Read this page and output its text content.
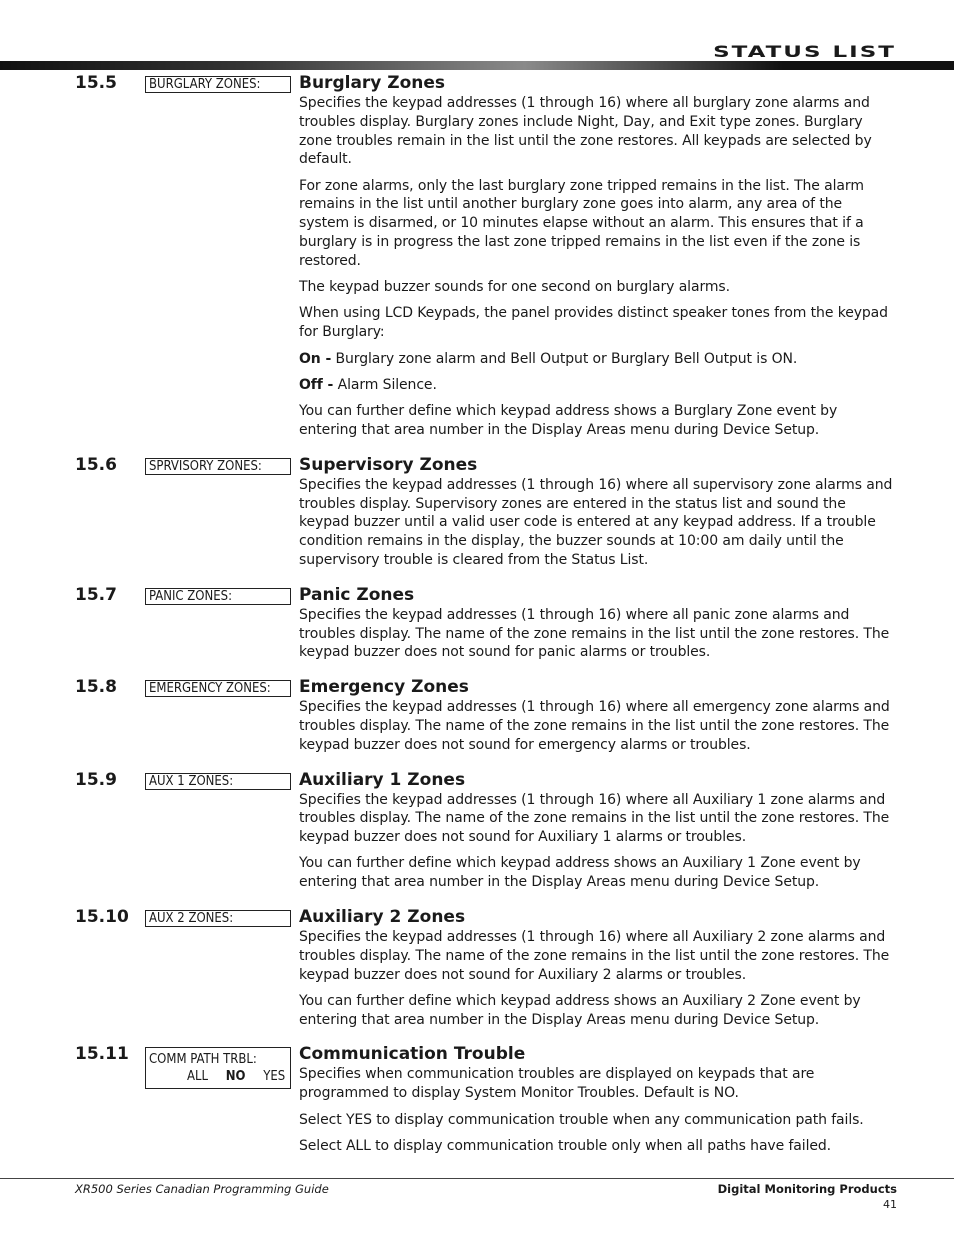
STATUS LIST
15.5	BURGLARY ZONES:	Burglary Zones

Specifies the keypad addresses (1 through 16) where all burglary zone alarms and troubles display. Burglary zones include Night, Day, and Exit type zones. Burglary zone troubles remain in the list until the zone restores. All keypads are selected by default.

For zone alarms, only the last burglary zone tripped remains in the list. The alarm remains in the list until another burglary zone goes into alarm, any area of the system is disarmed, or 10 minutes elapse without an alarm. This ensures that if a burglary is in progress the last zone tripped remains in the list even if the zone is restored.

The keypad buzzer sounds for one second on burglary alarms.

When using LCD Keypads, the panel provides distinct speaker tones from the keypad for Burglary:

On - Burglary zone alarm and Bell Output or Burglary Bell Output is ON.

Off - Alarm Silence.

You can further define which keypad address shows a Burglary Zone event by entering that area number in the Display Areas menu during Device Setup.

15.6	SPRVISORY ZONES:	Supervisory Zones

Specifies the keypad addresses (1 through 16) where all supervisory zone alarms and troubles display. Supervisory zones are entered in the status list and sound the keypad buzzer until a valid user code is entered at any keypad address. If a trouble condition remains in the display, the buzzer sounds at 10:00 am daily until the supervisory trouble is cleared from the Status List.

15.7	PANIC ZONES:	Panic Zones

Specifies the keypad addresses (1 through 16) where all panic zone alarms and troubles display. The name of the zone remains in the list until the zone restores. The keypad buzzer does not sound for panic alarms or troubles.

15.8	EMERGENCY ZONES:	Emergency Zones

Specifies the keypad addresses (1 through 16) where all emergency zone alarms and troubles display. The name of the zone remains in the list until the zone restores. The keypad buzzer does not sound for emergency alarms or troubles.

15.9	AUX 1 ZONES:	Auxiliary 1 Zones

Specifies the keypad addresses (1 through 16) where all Auxiliary 1 zone alarms and troubles display. The name of the zone remains in the list until the zone restores. The keypad buzzer does not sound for Auxiliary 1 alarms or troubles.

You can further define which keypad address shows an Auxiliary 1 Zone event by entering that area number in the Display Areas menu during Device Setup.

15.10	AUX 2 ZONES:	Auxiliary 2 Zones

Specifies the keypad addresses (1 through 16) where all Auxiliary 2 zone alarms and troubles display. The name of the zone remains in the list until the zone restores. The keypad buzzer does not sound for Auxiliary 2 alarms or troubles.

You can further define which keypad address shows an Auxiliary 2 Zone event by entering that area number in the Display Areas menu during Device Setup.

15.11 COMM PATH TRBL:
ALL NO YES
Communication Trouble

Specifies when communication troubles are displayed on keypads that are programmed to display System Monitor Troubles. Default is NO.

Select YES to display communication trouble when any communication path fails.

Select ALL to display communication trouble only when all paths have failed.

XR500 Series Canadian Programming Guide	Digital Monitoring Products
41
